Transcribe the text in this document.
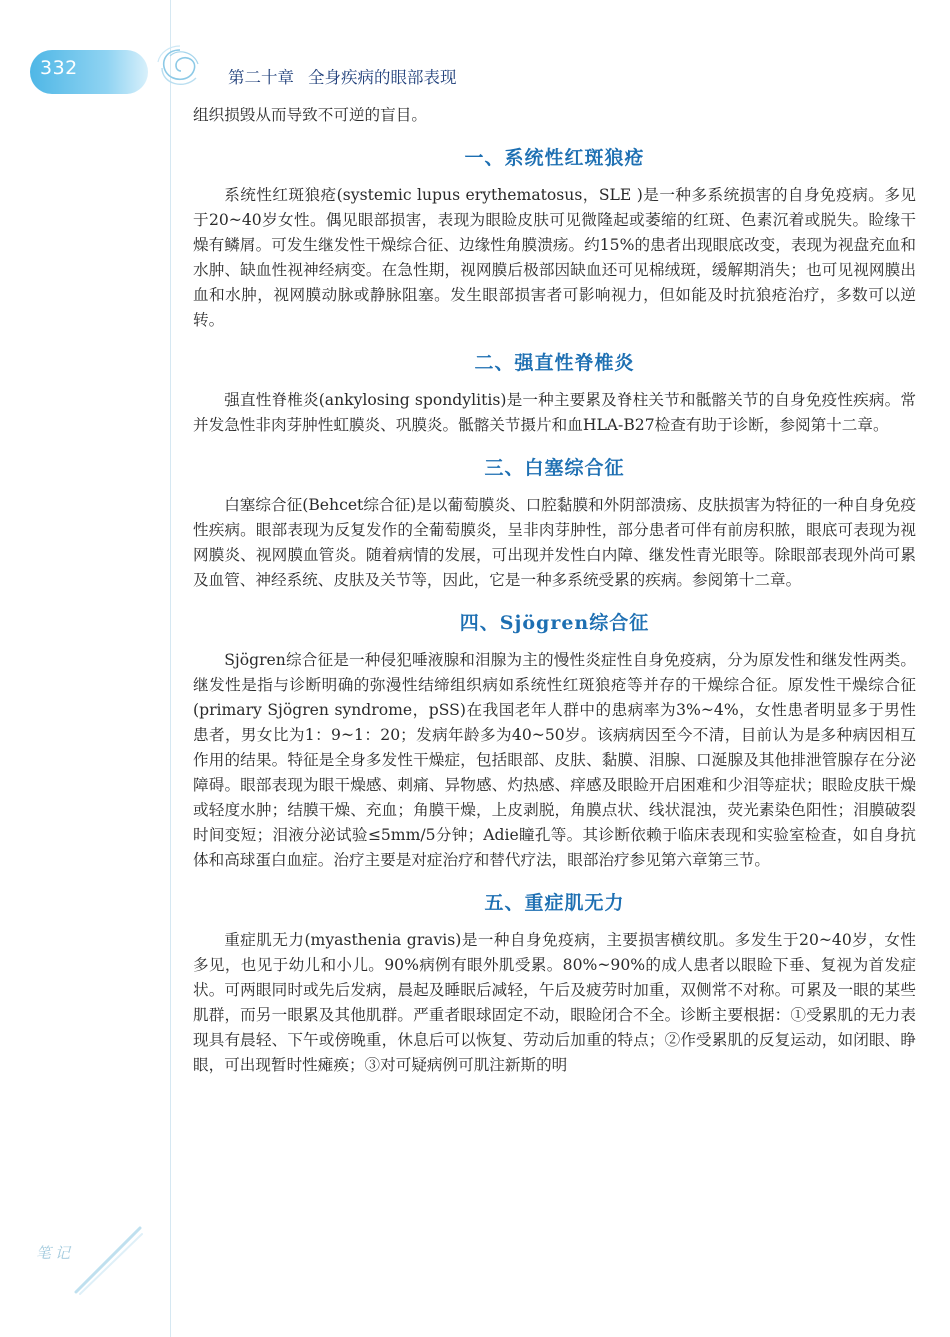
332	第二十章 全身疾病的眼部表现

组织损毁从而导致不可逆的盲目。

一、系统性红斑狼疮

系统性红斑狼疮(systemic lupus erythematosus，SLE )是一种多系统损害的自身免疫病。多见于20~40岁女性。偶见眼部损害，表现为眼睑皮肤可见微隆起或萎缩的红斑、色素沉着或脱失。睑缘干燥有鳞屑。可发生继发性干燥综合征、边缘性角膜溃疡。约15%的患者出现眼底改变，表现为视盘充血和水肿、缺血性视神经病变。在急性期，视网膜后极部因缺血还可见棉绒斑，缓解期消失；也可见视网膜出血和水肿，视网膜动脉或静脉阻塞。发生眼部损害者可影响视力，但如能及时抗狼疮治疗，多数可以逆转。

二、强直性脊椎炎

强直性脊椎炎(ankylosing spondylitis)是一种主要累及脊柱关节和骶髂关节的自身免疫性疾病。常并发急性非肉芽肿性虹膜炎、巩膜炎。骶髂关节摄片和血HLA-B27检查有助于诊断，参阅第十二章。

三、白塞综合征

白塞综合征(Behcet综合征)是以葡萄膜炎、口腔黏膜和外阴部溃疡、皮肤损害为特征的一种自身免疫性疾病。眼部表现为反复发作的全葡萄膜炎，呈非肉芽肿性，部分患者可伴有前房积脓，眼底可表现为视网膜炎、视网膜血管炎。随着病情的发展，可出现并发性白内障、继发性青光眼等。除眼部表现外尚可累及血管、神经系统、皮肤及关节等，因此，它是一种多系统受累的疾病。参阅第十二章。

四、Sjögren综合征

Sjögren综合征是一种侵犯唾液腺和泪腺为主的慢性炎症性自身免疫病，分为原发性和继发性两类。继发性是指与诊断明确的弥漫性结缔组织病如系统性红斑狼疮等并存的干燥综合征。原发性干燥综合征(primary Sjögren syndrome，pSS)在我国老年人群中的患病率为3%~4%，女性患者明显多于男性患者，男女比为1：9~1：20；发病年龄多为40~50岁。该病病因至今不清，目前认为是多种病因相互作用的结果。特征是全身多发性干燥症，包括眼部、皮肤、黏膜、泪腺、口涎腺及其他排泄管腺存在分泌障碍。眼部表现为眼干燥感、刺痛、异物感、灼热感、痒感及眼睑开启困难和少泪等症状；眼睑皮肤干燥或轻度水肿；结膜干燥、充血；角膜干燥，上皮剥脱，角膜点状、线状混浊，荧光素染色阳性；泪膜破裂时间变短；泪液分泌试验≤5mm/5分钟；Adie瞳孔等。其诊断依赖于临床表现和实验室检查，如自身抗体和高球蛋白血症。治疗主要是对症治疗和替代疗法，眼部治疗参见第六章第三节。

五、重症肌无力

重症肌无力(myasthenia gravis)是一种自身免疫病，主要损害横纹肌。多发生于20~40岁，女性多见，也见于幼儿和小儿。90%病例有眼外肌受累。80%~90%的成人患者以眼睑下垂、复视为首发症状。可两眼同时或先后发病，晨起及睡眠后减轻，午后及疲劳时加重，双侧常不对称。可累及一眼的某些肌群，而另一眼累及其他肌群。严重者眼球固定不动，眼睑闭合不全。诊断主要根据：①受累肌的无力表现具有晨轻、下午或傍晚重，休息后可以恢复、劳动后加重的特点；②作受累肌的反复运动，如闭眼、睁眼，可出现暂时性瘫痪；③对可疑病例可肌注新斯的明

笔记
